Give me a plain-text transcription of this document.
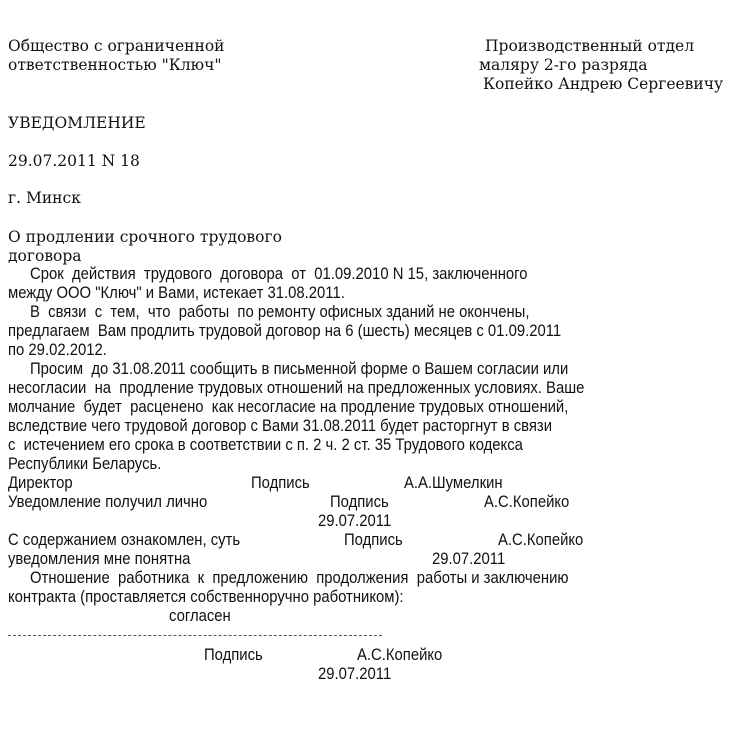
Общество с ограниченной
ответственностью "Ключ"
Производственный отдел
маляру 2-го разряда
Копейко Андрею Сергеевичу
УВЕДОМЛЕНИЕ
29.07.2011 N 18
г. Минск
О продлении срочного трудового
договора
Срок  действия  трудового  договора  от  01.09.2010 N 15, заключенного
между ООО "Ключ" и Вами, истекает 31.08.2011.
В  связи  с  тем,  что  работы  по ремонту офисных зданий не окончены,
предлагаем  Вам продлить трудовой договор на 6 (шесть) месяцев с 01.09.2011
по 29.02.2012.
Просим  до 31.08.2011 сообщить в письменной форме о Вашем согласии или
несогласии  на  продление трудовых отношений на предложенных условиях. Ваше
молчание  будет  расценено  как несогласие на продление трудовых отношений,
вследствие чего трудовой договор с Вами 31.08.2011 будет расторгнут в связи
с  истечением его срока в соответствии с п. 2 ч. 2 ст. 35 Трудового кодекса
Республики Беларусь.
Директор	Подпись	А.А.Шумелкин
Уведомление получил лично	Подпись	А.С.Копейко
29.07.2011
С содержанием ознакомлен, суть	Подпись	А.С.Копейко
уведомления мне понятна	29.07.2011
Отношение  работника  к  предложению  продолжения  работы и заключению
контракта (проставляется собственноручно работником):
согласен
Подпись	А.С.Копейко
29.07.2011
